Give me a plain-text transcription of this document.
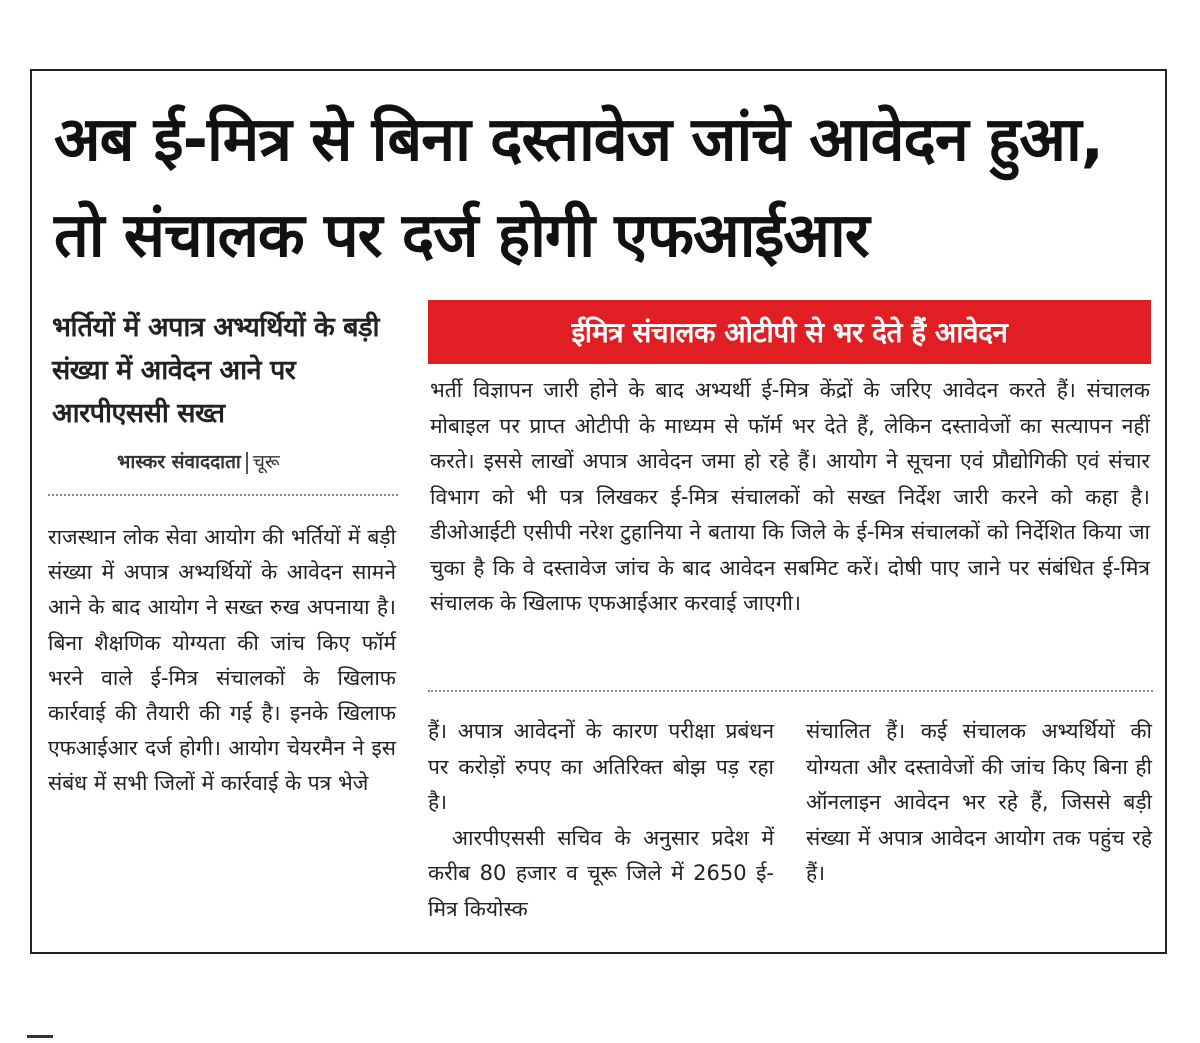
अब ई-मित्र से बिना दस्तावेज जांचे आवेदन हुआ, तो संचालक पर दर्ज होगी एफआईआर
भर्तियों में अपात्र अभ्यर्थियों के बड़ी संख्या में आवेदन आने पर आरपीएससी सख्त
भास्कर संवाददाता चूरू

राजस्थान लोक सेवा आयोग की भर्तियों में बड़ी संख्या में अपात्र अभ्यर्थियों के आवेदन सामने आने के बाद आयोग ने सख्त रुख अपनाया है। बिना शैक्षणिक योग्यता की जांच किए फॉर्म भरने वाले ई-मित्र संचालकों के खिलाफ कार्रवाई की तैयारी की गई है। इनके खिलाफ एफआईआर दर्ज होगी। आयोग चेयरमैन ने इस संबंध में सभी जिलों में कार्रवाई के पत्र भेजे

ईमित्र संचालक ओटीपी से भर देते हैं आवेदन

भर्ती विज्ञापन जारी होने के बाद अभ्यर्थी ई-मित्र केंद्रों के जरिए आवेदन करते हैं। संचालक मोबाइल पर प्राप्त ओटीपी के माध्यम से फॉर्म भर देते हैं, लेकिन दस्तावेजों का सत्यापन नहीं करते। इससे लाखों अपात्र आवेदन जमा हो रहे हैं। आयोग ने सूचना एवं प्रौद्योगिकी एवं संचार विभाग को भी पत्र लिखकर ई-मित्र संचालकों को सख्त निर्देश जारी करने को कहा है। डीओआईटी एसीपी नरेश टुहानिया ने बताया कि जिले के ई-मित्र संचालकों को निर्देशित किया जा चुका है कि वे दस्तावेज जांच के बाद आवेदन सबमिट करें। दोषी पाए जाने पर संबंधित ई-मित्र संचालक के खिलाफ एफआईआर करवाई जाएगी।

हैं। अपात्र आवेदनों के कारण परीक्षा प्रबंधन पर करोड़ों रुपए का अतिरिक्त बोझ पड़ रहा है।

आरपीएससी सचिव के अनुसार प्रदेश में करीब 80 हजार व चूरू जिले में 2650 ई-मित्र कियोस्क

संचालित हैं। कई संचालक अभ्यर्थियों की योग्यता और दस्तावेजों की जांच किए बिना ही ऑनलाइन आवेदन भर रहे हैं, जिससे बड़ी संख्या में अपात्र आवेदन आयोग तक पहुंच रहे हैं।
